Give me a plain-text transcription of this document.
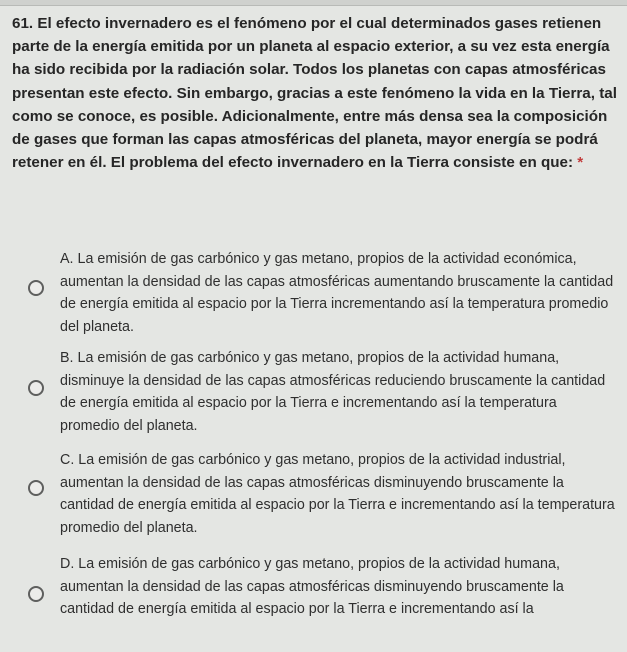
61. El efecto invernadero es el fenómeno por el cual determinados gases retienen parte de la energía emitida por un planeta al espacio exterior, a su vez esta energía ha sido recibida por la radiación solar. Todos los planetas con capas atmosféricas presentan este efecto. Sin embargo, gracias a este fenómeno la vida en la Tierra, tal como se conoce, es posible. Adicionalmente, entre más densa sea la composición de gases que forman las capas atmosféricas del planeta, mayor energía se podrá retener en él. El problema del efecto invernadero en la Tierra consiste en que: *
A. La emisión de gas carbónico y gas metano, propios de la actividad económica, aumentan la densidad de las capas atmosféricas aumentando bruscamente la cantidad de energía emitida al espacio por la Tierra incrementando así la temperatura promedio del planeta.
B. La emisión de gas carbónico y gas metano, propios de la actividad humana, disminuye la densidad de las capas atmosféricas reduciendo bruscamente la cantidad de energía emitida al espacio por la Tierra e incrementando así la temperatura promedio del planeta.
C. La emisión de gas carbónico y gas metano, propios de la actividad industrial, aumentan la densidad de las capas atmosféricas disminuyendo bruscamente la cantidad de energía emitida al espacio por la Tierra e incrementando así la temperatura promedio del planeta.
D. La emisión de gas carbónico y gas metano, propios de la actividad humana, aumentan la densidad de las capas atmosféricas disminuyendo bruscamente la cantidad de energía emitida al espacio por la Tierra e incrementando así la
